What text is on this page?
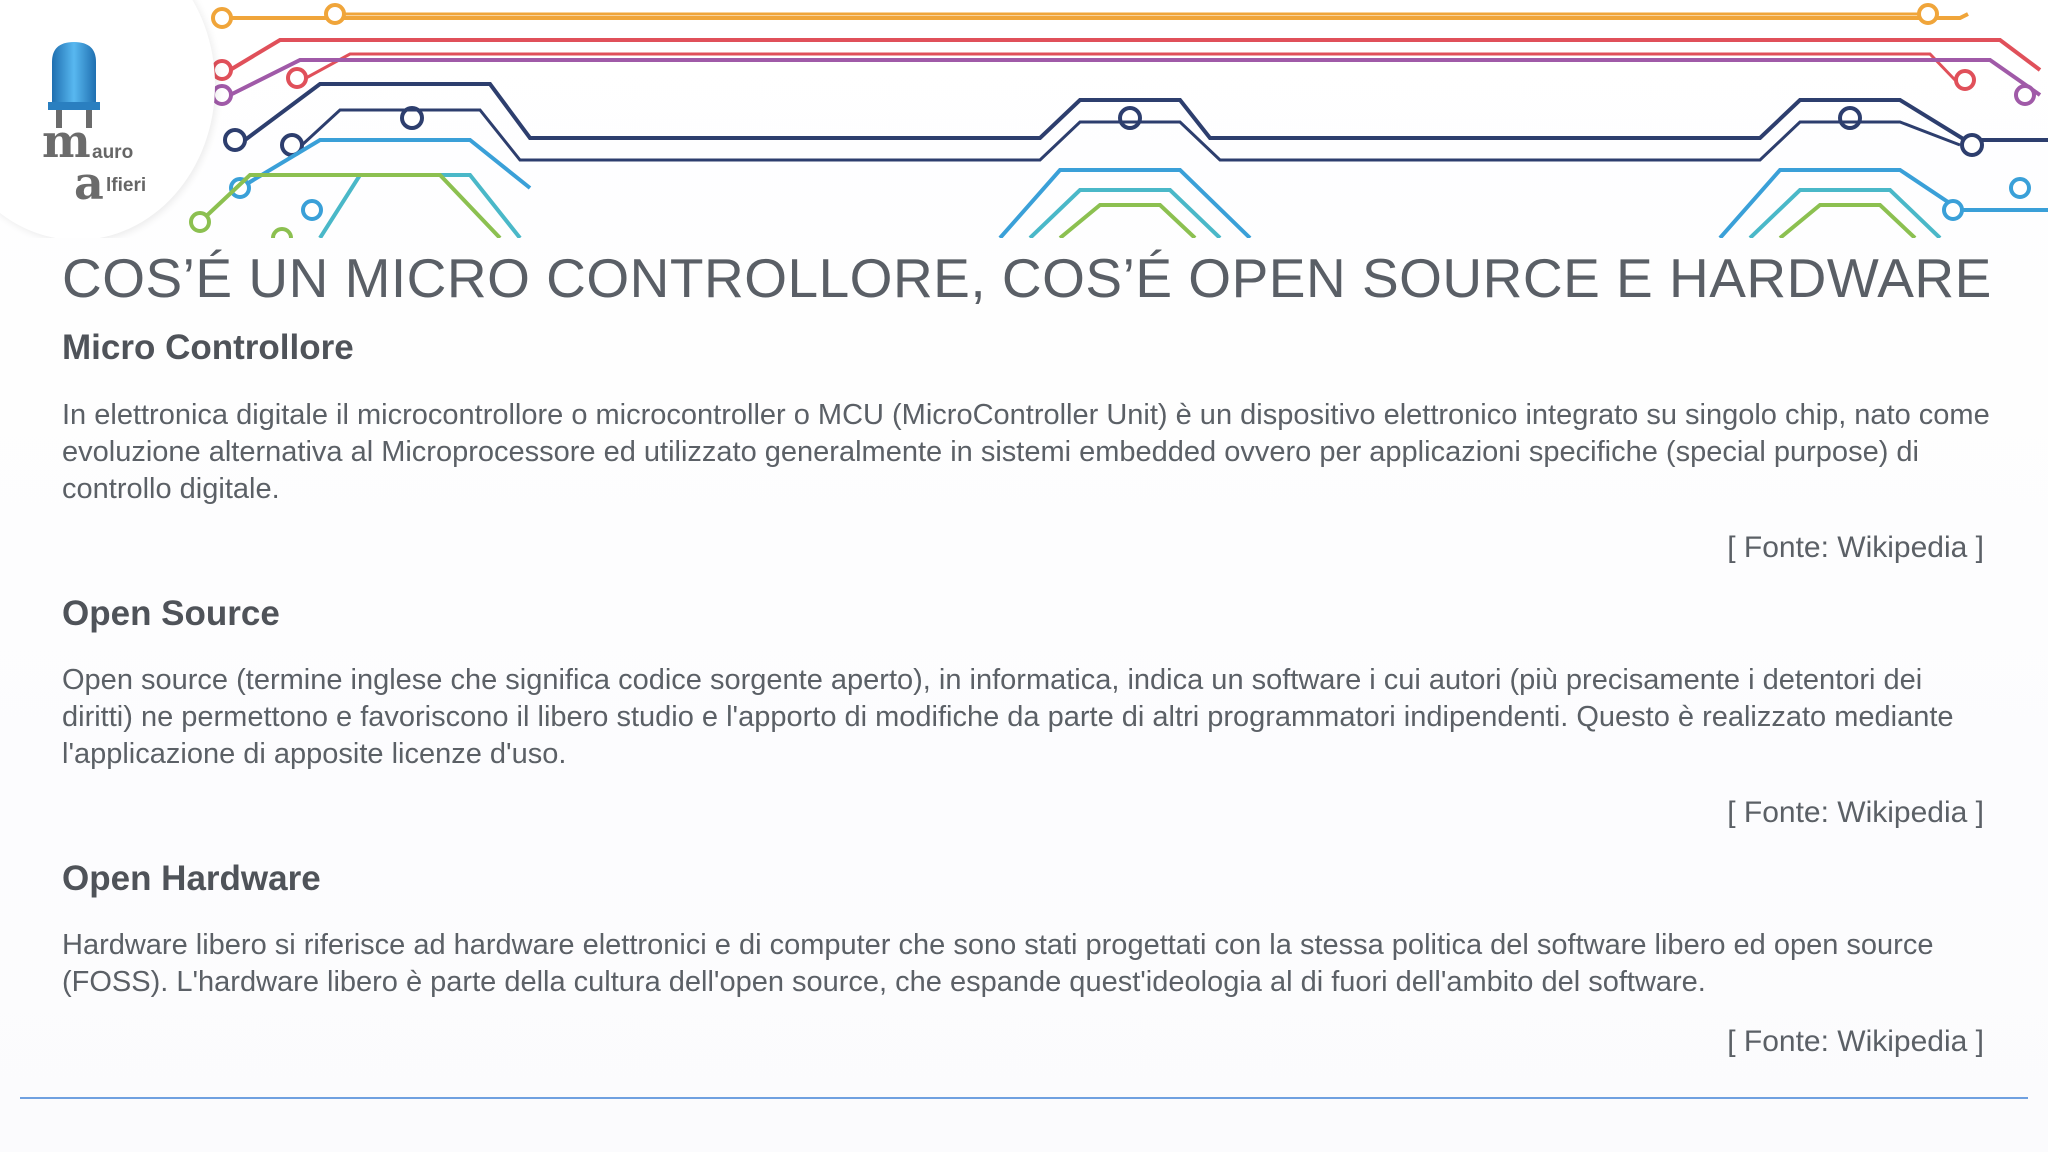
m auro
a lfieri
COS’É UN MICRO CONTROLLORE, COS’É OPEN SOURCE E HARDWARE
Micro Controllore
In elettronica digitale il microcontrollore o microcontroller o MCU (MicroController Unit) è un dispositivo elettronico integrato su singolo chip, nato come evoluzione alternativa al Microprocessore ed utilizzato generalmente in sistemi embedded ovvero per applicazioni specifiche (special purpose) di controllo digitale.
[ Fonte: Wikipedia ]
Open Source
Open source (termine inglese che significa codice sorgente aperto), in informatica, indica un software i cui autori (più precisamente i detentori dei diritti) ne permettono e favoriscono il libero studio e l'apporto di modifiche da parte di altri programmatori indipendenti. Questo è realizzato mediante l'applicazione di apposite licenze d'uso.
[ Fonte: Wikipedia ]
Open Hardware
Hardware libero si riferisce ad hardware elettronici e di computer che sono stati progettati con la stessa politica del software libero ed open source (FOSS). L'hardware libero è parte della cultura dell'open source, che espande quest'ideologia al di fuori dell'ambito del software.
[ Fonte: Wikipedia ]
